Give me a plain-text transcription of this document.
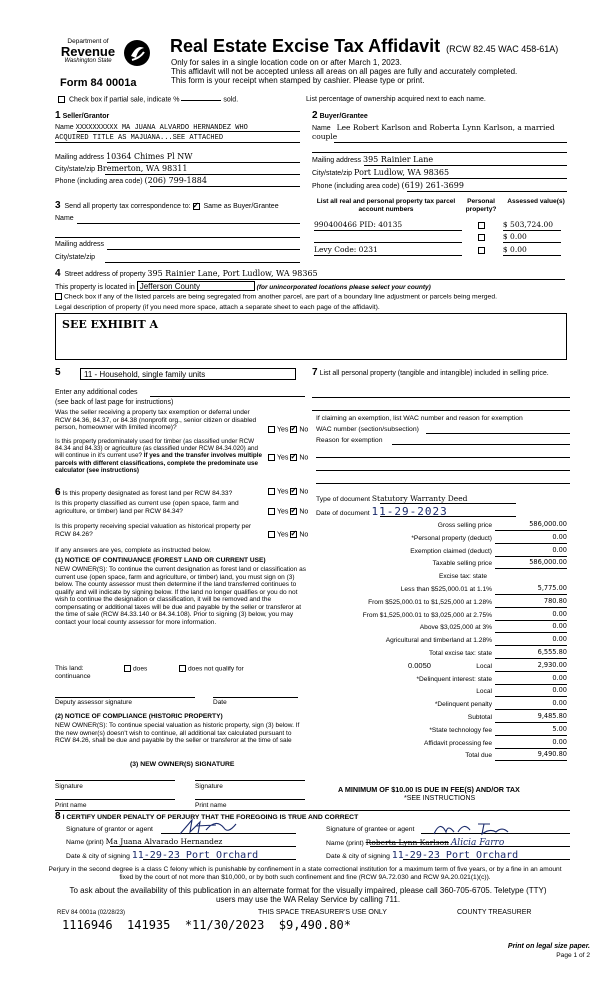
Department of
Revenue
Washington State
Form 84 0001a
Real Estate Excise Tax Affidavit (RCW 82.45 WAC 458-61A)
Only for sales in a single location code on or after March 1, 2023.
This affidavit will not be accepted unless all areas on all pages are fully and accurately completed.
This form is your receipt when stamped by cashier. Please type or print.
Check box if partial sale, indicate %	sold.	List percentage of ownership acquired next to each name.
1 Seller/Grantor
Name XXXXXXXXXX MA JUANA ALVARDO HERNANDEZ WHO
ACQUIRED TITLE AS MAJUANA...SEE ATTACHED
Mailing address 10364 Chimes Pl NW
City/state/zip Bremerton, WA 98311
Phone (including area code) (206) 799-1884
2 Buyer/Grantee
Name Lee Robert Karlson and Roberta Lynn Karlson, a married couple
Mailing address 395 Rainier Lane
City/state/zip Port Ludlow, WA 98365
Phone (including area code) (619) 261-3699
3 Send all property tax correspondence to: ✓ Same as Buyer/Grantee
Name
Mailing address
City/state/zip
List all real and personal property tax parcel account numbers
Personal property?
Assessed value(s)
990400466 PID: 40135	$ 503,724.00
$ 0.00
Levy Code: 0231	$ 0.00
4 Street address of property 395 Rainier Lane, Port Ludlow, WA 98365
This property is located in Jefferson County	(for unincorporated locations please select your county)
Check box if any of the listed parcels are being segregated from another parcel, are part of a boundary line adjustment or parcels being merged.
Legal description of property (if you need more space, attach a separate sheet to each page of the affidavit).
SEE EXHIBIT A
5	11 - Household, single family units
Enter any additional codes
(see back of last page for instructions)
Was the seller receiving a property tax exemption or deferral under RCW 84.36, 84.37, or 84.38 (nonprofit org., senior citizen or disabled person, homeowner with limited income)?	Yes ✓ No
Is this property predominately used for timber (as classified under RCW 84.34 and 84.33) or agriculture (as classified under RCW 84.34.020) and will continue in it's current use? If yes and the transfer involves multiple parcels with different classifications, complete the predominate use calculator (see instructions)
Yes ✓ No
6 Is this property designated as forest land per RCW 84.33?	Yes ✓ No
Is this property classified as current use (open space, farm and agriculture, or timber) land per RCW 84.34?	Yes ✓ No
Is this property receiving special valuation as historical property per RCW 84.26?	Yes ✓ No
If any answers are yes, complete as instructed below.
(1) NOTICE OF CONTINUANCE (FOREST LAND OR CURRENT USE)
NEW OWNER(S): To continue the current designation as forest land or classification as current use (open space, farm and agriculture, or timber) land, you must sign on (3) below. The county assessor must then determine if the land transferred continues to qualify and will indicate by signing below. If the land no longer qualifies or you do not wish to continue the designation or classification, it will be removed and the compensating or additional taxes will be due and payable by the seller or transferor at the time of sale (RCW 84.33.140 or 84.34.108). Prior to signing (3) below, you may contact your local county assessor for more information.
This land:
continuance
does	does not qualify for
Deputy assessor signature	Date
(2) NOTICE OF COMPLIANCE (HISTORIC PROPERTY)
NEW OWNER(S): To continue special valuation as historic property, sign (3) below. If the new owner(s) doesn't wish to continue, all additional tax calculated pursuant to RCW 84.26, shall be due and payable by the seller or transferor at the time of sale
(3) NEW OWNER(S) SIGNATURE
Signature	Signature
Print name	Print name
7 List all personal property (tangible and intangible) included in selling price.
If claiming an exemption, list WAC number and reason for exemption
WAC number (section/subsection)
Reason for exemption
Type of document Statutory Warranty Deed
Date of document 11-29-2023
Gross selling price	586,000.00
*Personal property (deduct)	0.00
Exemption claimed (deduct)	0.00
Taxable selling price	586,000.00
Excise tax: state
Less than $525,000.01 at 1.1%	5,775.00
From $525,000.01 to $1,525,000 at 1.28%	780.80
From $1,525,000.01 to $3,025,000 at 2.75%	0.00
Above $3,025,000 at 3%	0.00
Agricultural and timberland at 1.28%	0.00
Total excise tax: state	6,555.80
Local
0.0050	2,930.00
*Delinquent interest: state	0.00
Local	0.00
*Delinquent penalty	0.00
Subtotal	9,485.80
*State technology fee	5.00
Affidavit processing fee	0.00
Total due	9,490.80
A MINIMUM OF $10.00 IS DUE IN FEE(S) AND/OR TAX
*SEE INSTRUCTIONS
8 I CERTIFY UNDER PENALTY OF PERJURY THAT THE FOREGOING IS TRUE AND CORRECT
Signature of grantor or agent
Name (print) Ma Juana Alvarado Hernandez
Date & city of signing 11-29-23 Port Orchard
Signature of grantee or agent
Name (print) Roberta Lynn Karlson Alicia Farro
Date & city of signing 11-29-23 Port Orchard
Perjury in the second degree is a class C felony which is punishable by confinement in a state correctional institution for a maximum term of five years, or by a fine in an amount fixed by the court of not more than $10,000, or by both such confinement and fine (RCW 9A.72.030 and RCW 9A.20.021(1)(c)).
To ask about the availability of this publication in an alternate format for the visually impaired, please call 360-705-6705. Teletype (TTY) users may use the WA Relay Service by calling 711.
REV 84 0001a (02/28/23)	THIS SPACE TREASURER'S USE ONLY	COUNTY TREASURER
1116946  141935  *11/30/2023  $9,490.80*
Print on legal size paper.
Page 1 of 2
